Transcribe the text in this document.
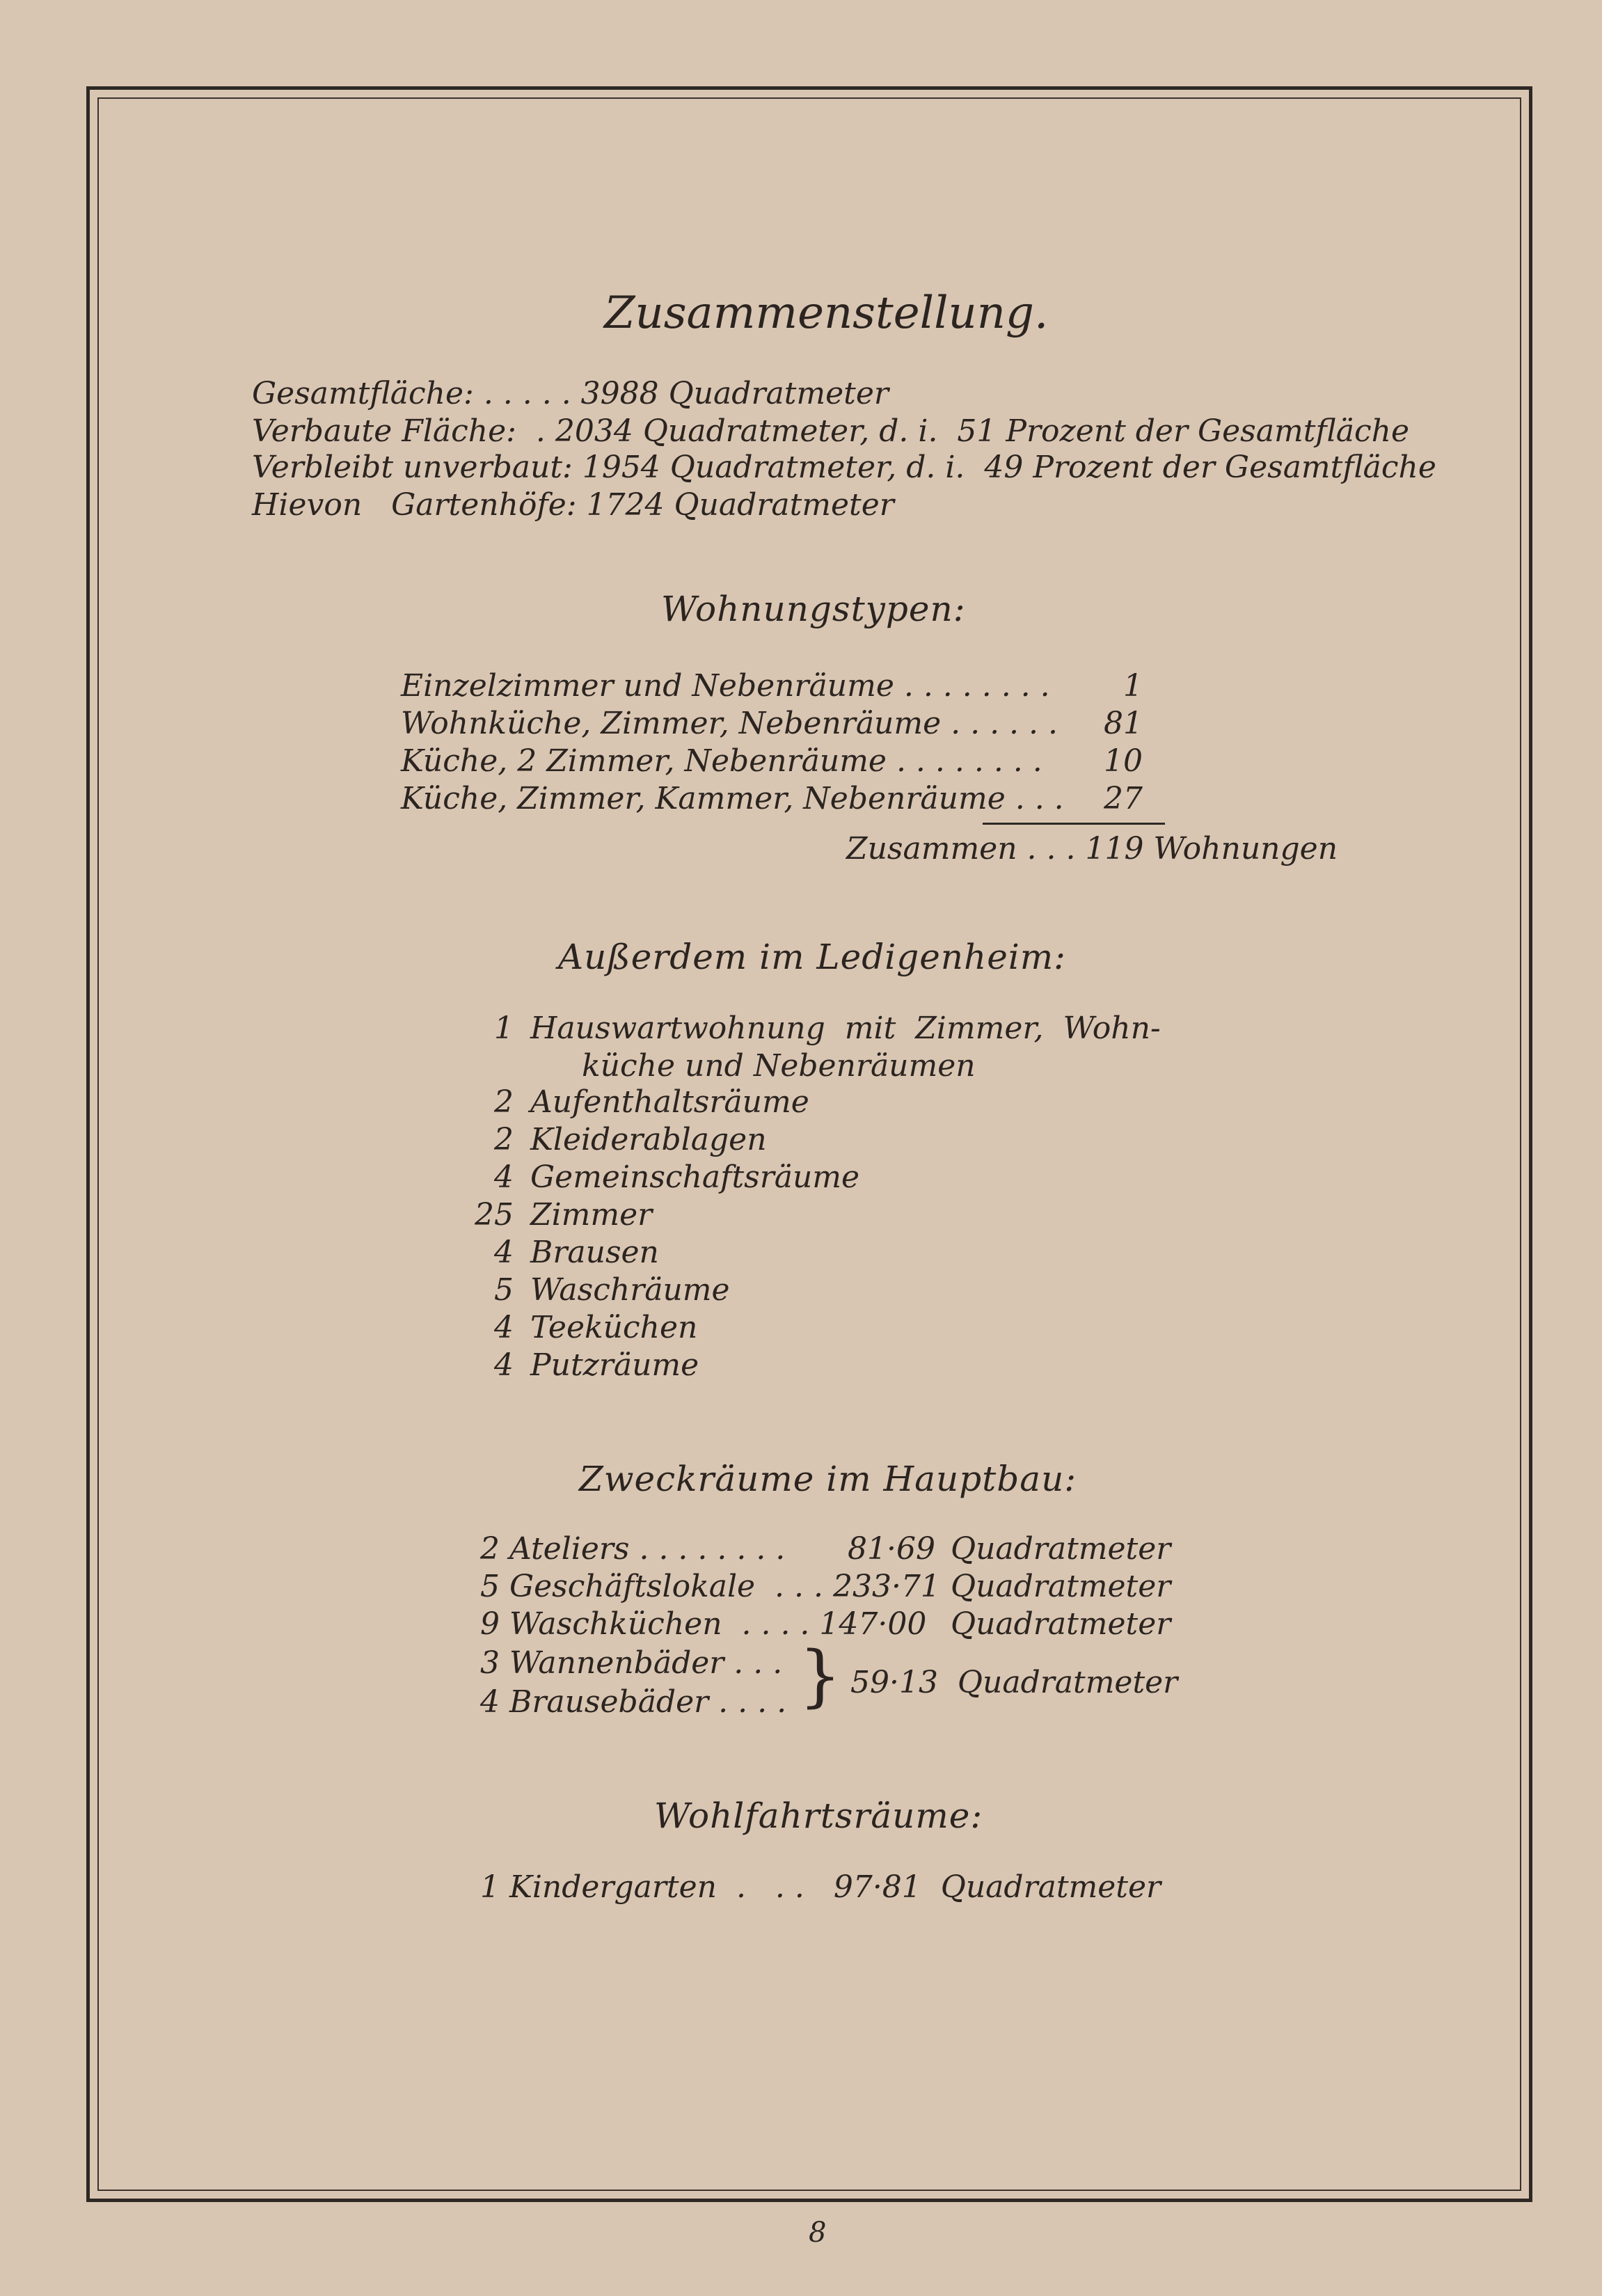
Zusammenstellung.
Gesamtfläche: . . . . . 3988 Quadratmeter
Verbaute Fläche:  . 2034 Quadratmeter, d. i.  51 Prozent der Gesamtfläche
Verbleibt unverbaut: 1954 Quadratmeter, d. i.  49 Prozent der Gesamtfläche
Hievon   Gartenhöfe: 1724 Quadratmeter
Wohnungstypen:
Einzelzimmer und Nebenräume . . . . . . . .	1
Wohnküche, Zimmer, Nebenräume . . . . . .	81
Küche, 2 Zimmer, Nebenräume . . . . . . . .	10
Küche, Zimmer, Kammer, Nebenräume . . .	27
Zusammen . . . 119 Wohnungen
Außerdem im Ledigenheim:
1 Hauswartwohnung  mit  Zimmer,  Wohn-
küche und Nebenräumen
2 Aufenthaltsräume
2 Kleiderablagen
4 Gemeinschaftsräume
25 Zimmer
4 Brausen
5 Waschräume
4 Teeküchen
4 Putzräume
Zweckräume im Hauptbau:
2 Ateliers . . . . . . . . 81·69 Quadratmeter
5 Geschäftslokale  . . . 233·71 Quadratmeter
9 Waschküchen  . . . . 147·00 Quadratmeter
3 Wannenbäder . . .
4 Brausebäder . . . . } 59·13  Quadratmeter
Wohlfahrtsräume:
1 Kindergarten  .   . .   97·81  Quadratmeter
8
